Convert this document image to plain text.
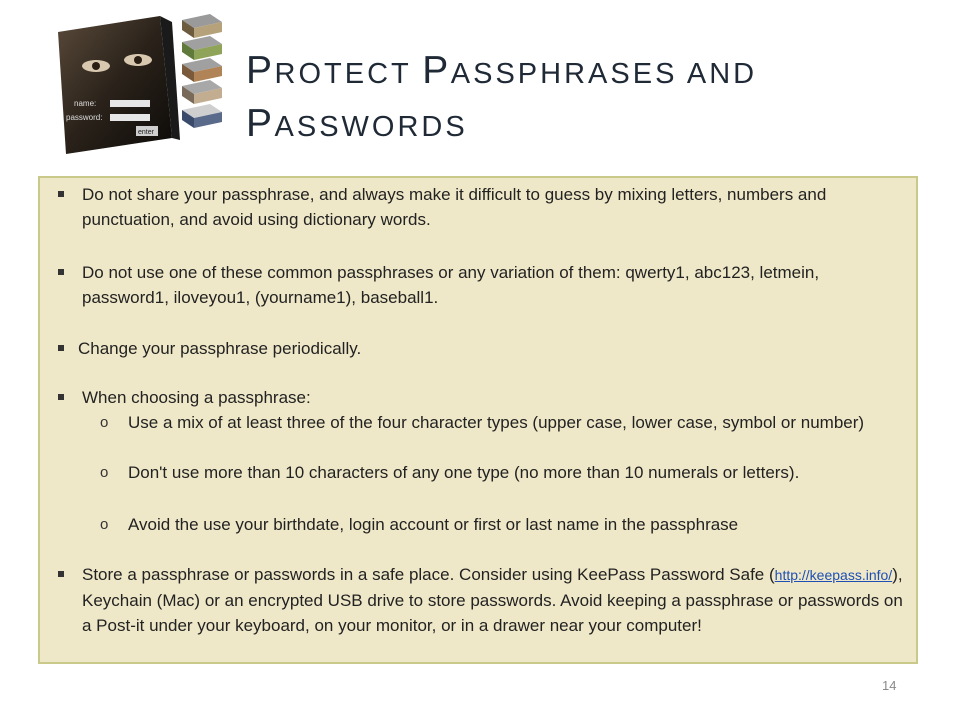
name:
password:
enter
PROTECT PASSPHRASES AND
PASSWORDS
Do not share your passphrase, and always make it difficult to guess by mixing letters, numbers and punctuation, and avoid using dictionary words.
Do not use one of these common passphrases or any variation of them: qwerty1, abc123, letmein, password1, iloveyou1, (yourname1), baseball1.
Change your passphrase periodically.
When choosing a passphrase:
o Use a mix of at least three of the four character types (upper case, lower case, symbol or number)
o Don't use more than 10 characters of any one type (no more than 10 numerals or letters).
o Avoid the use your birthdate, login account or first or last name in the passphrase
Store a passphrase or passwords in a safe place. Consider using KeePass Password Safe (http://keepass.info/), Keychain (Mac) or an encrypted USB drive to store passwords. Avoid keeping a passphrase or passwords on a Post-it under your keyboard, on your monitor, or in a drawer near your computer!
14
